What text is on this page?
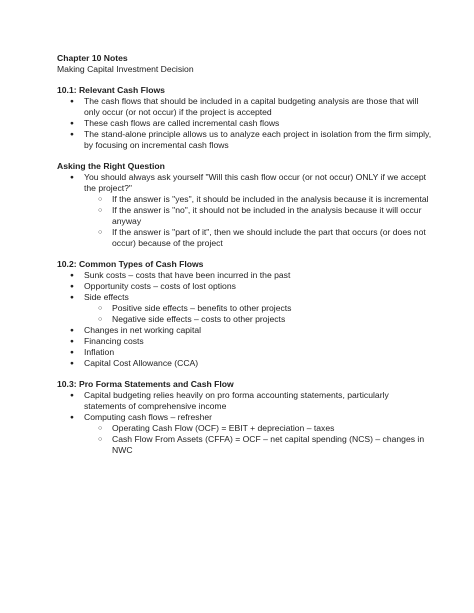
Chapter 10 Notes

Making Capital Investment Decision

10.1: Relevant Cash Flows

● The cash flows that should be included in a capital budgeting analysis are those that will only occur (or not occur) if the project is accepted
● These cash flows are called incremental cash flows
● The stand-alone principle allows us to analyze each project in isolation from the firm simply, by focusing on incremental cash flows

Asking the Right Question

● You should always ask yourself "Will this cash flow occur (or not occur) ONLY if we accept the project?"
○ If the answer is "yes", it should be included in the analysis because it is incremental
○ If the answer is "no", it should not be included in the analysis because it will occur anyway
○ If the answer is "part of it", then we should include the part that occurs (or does not occur) because of the project

10.2: Common Types of Cash Flows

● Sunk costs – costs that have been incurred in the past
● Opportunity costs – costs of lost options
● Side effects
○ Positive side effects – benefits to other projects
○ Negative side effects – costs to other projects
● Changes in net working capital
● Financing costs
● Inflation
● Capital Cost Allowance (CCA)

10.3: Pro Forma Statements and Cash Flow

● Capital budgeting relies heavily on pro forma accounting statements, particularly statements of comprehensive income
● Computing cash flows – refresher
○ Operating Cash Flow (OCF) = EBIT + depreciation – taxes
○ Cash Flow From Assets (CFFA) = OCF – net capital spending (NCS) – changes in NWC
